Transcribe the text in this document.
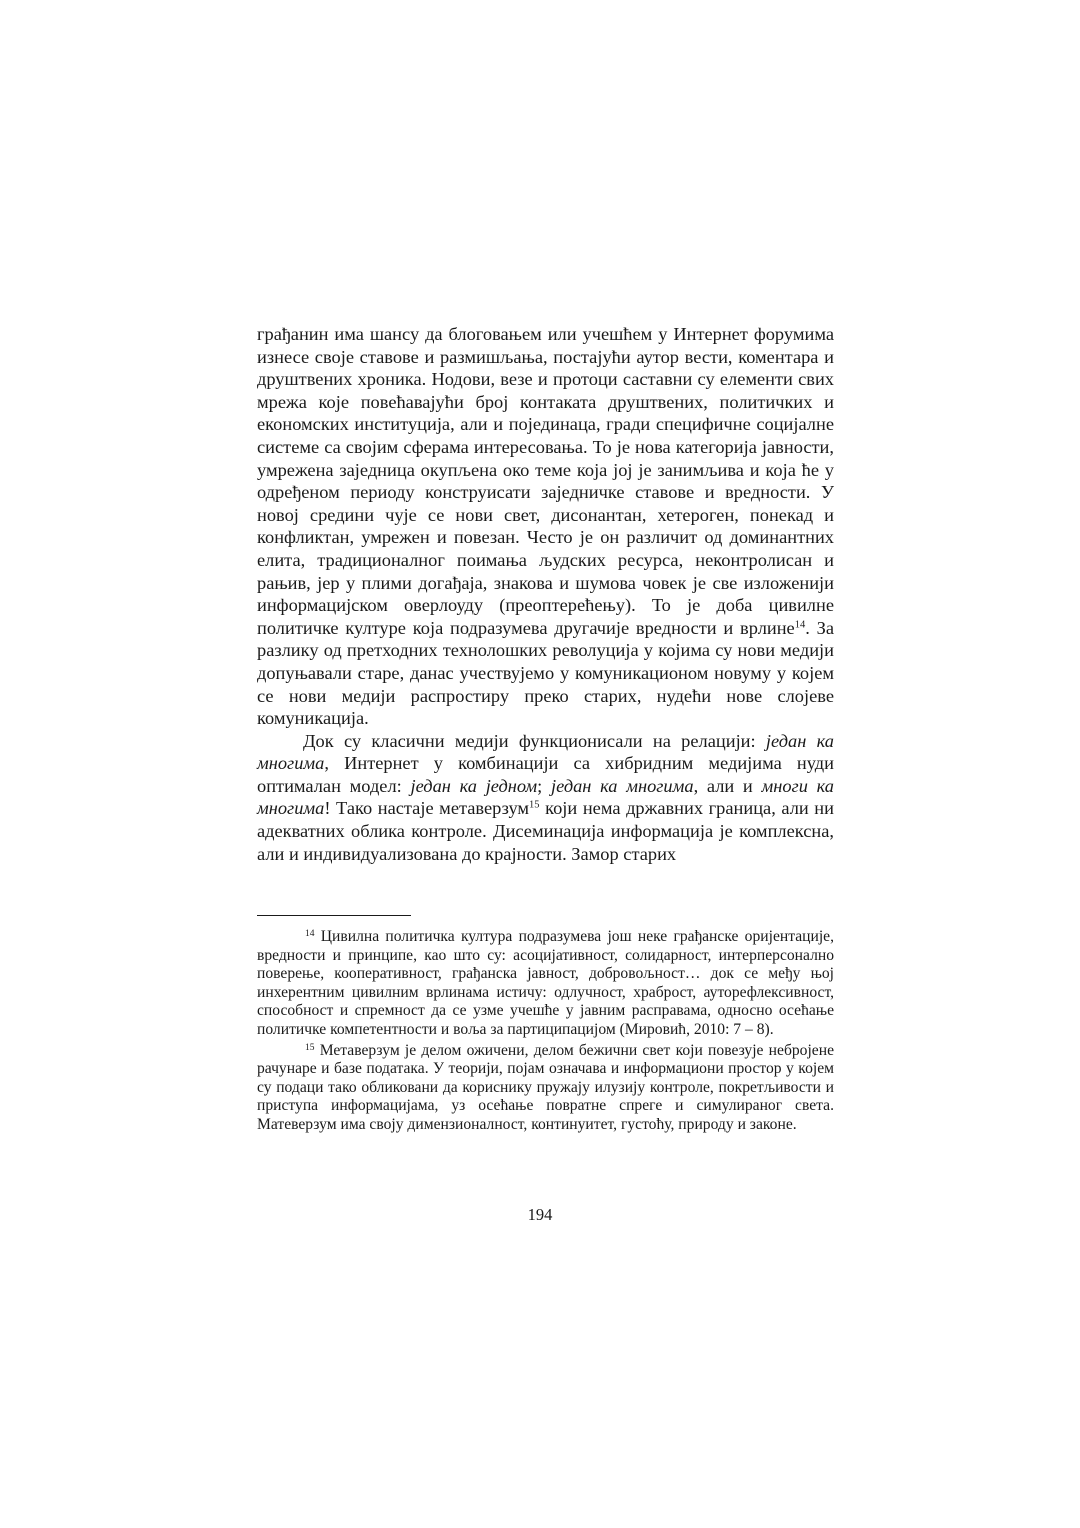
грађанин има шансу да блоговањем или учешћем у Интернет форумима изнесе своје ставове и размишљања, постајући аутор вести, коментара и друштвених хроника. Нодови, везе и протоци саставни су елементи свих мрежа које повећавајући број контаката друштвених, политичких и економских институција, али и појединаца, гради специфичне социјалне системе са својим сферама интересовања. То је нова категорија јавности, умрежена заједница окупљена око теме која јој је занимљива и која ће у одређеном периоду конструисати заједничке ставове и вредности. У новој средини чује се нови свет, дисонантан, хетероген, понекад и конфликтан, умрежен и повезан. Често је он различит од доминантних елита, традиционалног поимања људских ресурса, неконтролисан и рањив, јер у плими догађаја, знакова и шумова човек је све изложенији информацијском оверлоуду (преоптерећењу). То је доба цивилне политичке културе која подразумева другачије вредности и врлине$^{14}$. За разлику од претходних технолошких револуција у којима су нови медији допуњавали старе, данас учествујемо у комуникационом новуму у којем се нови медији распростиру преко старих, нудећи нове слојеве комуникација.

Док су класични медији функционисали на релацији: један ка многима, Интернет у комбинацији са хибридним медијима нуди оптималан модел: један ка једном; један ка многима, али и многи ка многима! Тако настаје метаверзум$^{15}$ који нема државних граница, али ни адекватних облика контроле. Дисеминација информација је комплексна, али и индивидуализована до крајности. Замор старих

$^{14}$ Цивилна политичка култура подразумева још неке грађанске оријентације, вредности и принципе, као што су: асоцијативност, солидарност, интерперсонално поверење, кооперативност, грађанска јавност, добровољност… док се међу њој инхерентним цивилним врлинама истичу: одлучност, храброст, ауторефлексивност, способност и спремност да се узме учешће у јавним расправама, односно осећање политичке компетентности и воља за партиципацијом (Мировић, 2010: 7 – 8).

$^{15}$ Метаверзум је делом ожичени, делом бежични свет који повезује небројене рачунаре и базе података. У теорији, појам означава и информациони простор у којем су подаци тако обликовани да кориснику пружају илузију контроле, покретљивости и приступа информацијама, уз осећање повратне спреге и симулираног света. Матеверзум има своју димензионалност, континуитет, густоћу, природу и законе.

194
